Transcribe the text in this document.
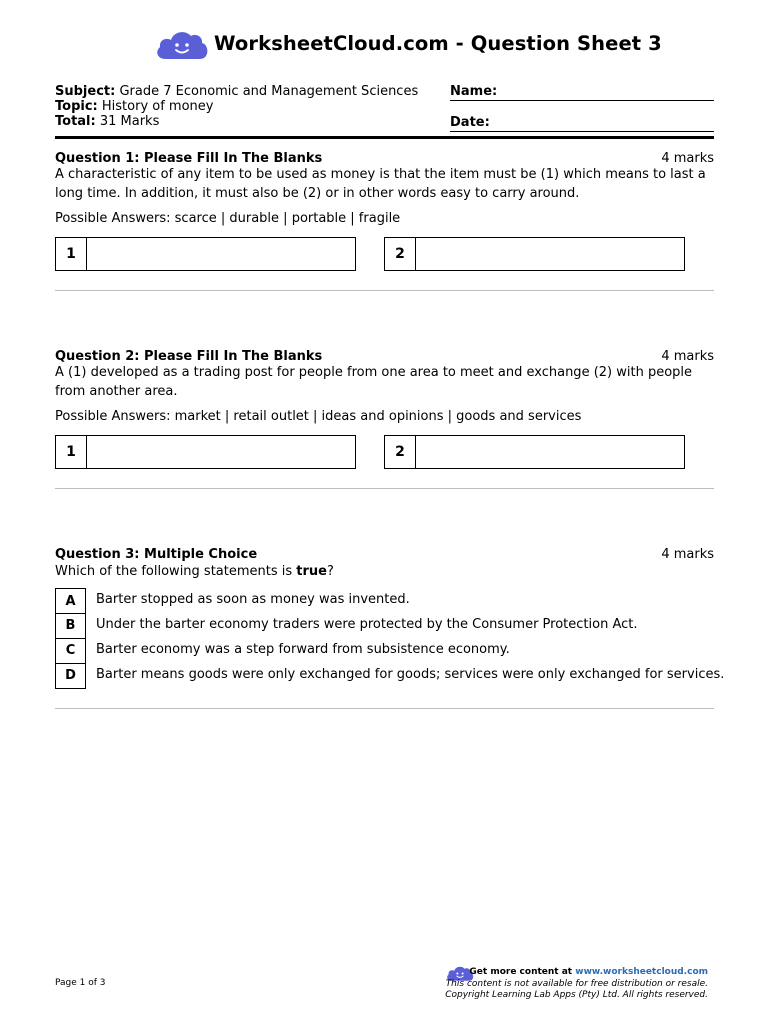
WorksheetCloud.com - Question Sheet 3
Subject: Grade 7 Economic and Management Sciences
Topic: History of money
Total: 31 Marks
Name:
Date:
Question 1: Please Fill In The Blanks	4 marks
A characteristic of any item to be used as money is that the item must be (1) which means to last a long time. In addition, it must also be (2) or in other words easy to carry around.
Possible Answers: scarce | durable | portable | fragile
1	2
Question 2: Please Fill In The Blanks	4 marks
A (1) developed as a trading post for people from one area to meet and exchange (2) with people from another area.
Possible Answers: market | retail outlet | ideas and opinions | goods and services
1	2
Question 3: Multiple Choice	4 marks
Which of the following statements is true?
A	Barter stopped as soon as money was invented.
B	Under the barter economy traders were protected by the Consumer Protection Act.
C	Barter economy was a step forward from subsistence economy.
D	Barter means goods were only exchanged for goods; services were only exchanged for services.
Page 1 of 3
Get more content at www.worksheetcloud.com
This content is not available for free distribution or resale.
Copyright Learning Lab Apps (Pty) Ltd. All rights reserved.
